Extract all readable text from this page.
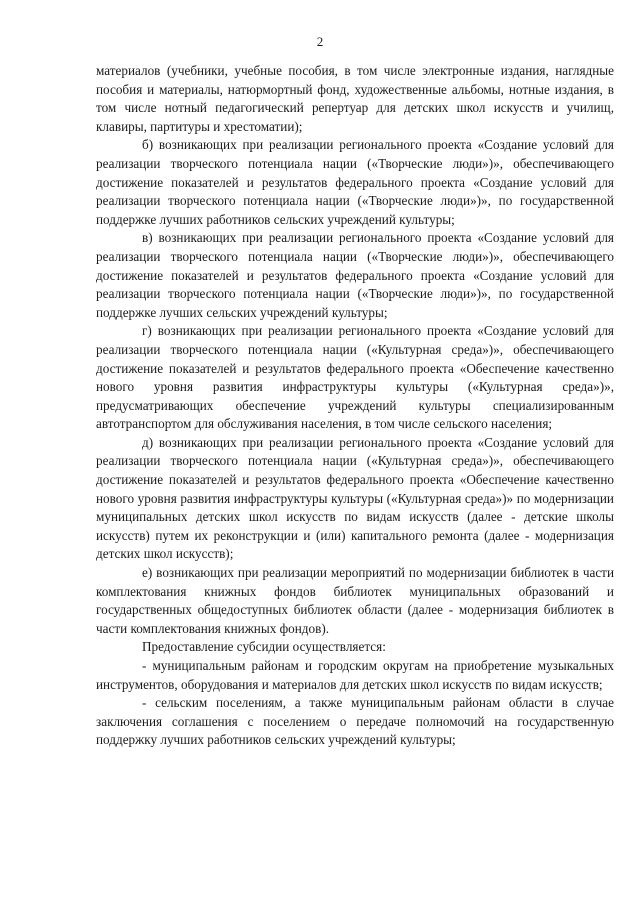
2

материалов (учебники, учебные пособия, в том числе электронные издания, наглядные пособия и материалы, натюрмортный фонд, художественные альбомы, нотные издания, в том числе нотный педагогический репертуар для детских школ искусств и училищ, клавиры, партитуры и хрестоматии);

б) возникающих при реализации регионального проекта «Создание условий для реализации творческого потенциала нации («Творческие люди»)», обеспечивающего достижение показателей и результатов федерального проекта «Создание условий для реализации творческого потенциала нации («Творческие люди»)», по государственной поддержке лучших работников сельских учреждений культуры;

в) возникающих при реализации регионального проекта «Создание условий для реализации творческого потенциала нации («Творческие люди»)», обеспечивающего достижение показателей и результатов федерального проекта «Создание условий для реализации творческого потенциала нации («Творческие люди»)», по государственной поддержке лучших сельских учреждений культуры;

г) возникающих при реализации регионального проекта «Создание условий для реализации творческого потенциала нации («Культурная среда»)», обеспечивающего достижение показателей и результатов федерального проекта «Обеспечение качественно нового уровня развития инфраструктуры культуры («Культурная среда»)», предусматривающих обеспечение учреждений культуры специализированным автотранспортом для обслуживания населения, в том числе сельского населения;

д) возникающих при реализации регионального проекта «Создание условий для реализации творческого потенциала нации («Культурная среда»)», обеспечивающего достижение показателей и результатов федерального проекта «Обеспечение качественно нового уровня развития инфраструктуры культуры («Культурная среда»)» по модернизации муниципальных детских школ искусств по видам искусств (далее - детские школы искусств) путем их реконструкции и (или) капитального ремонта (далее - модернизация детских школ искусств);

е) возникающих при реализации мероприятий по модернизации библиотек в части комплектования книжных фондов библиотек муниципальных образований и государственных общедоступных библиотек области (далее - модернизация библиотек в части комплектования книжных фондов).

Предоставление субсидии осуществляется:

- муниципальным районам и городским округам на приобретение музыкальных инструментов, оборудования и материалов для детских школ искусств по видам искусств;

- сельским поселениям, а также муниципальным районам области в случае заключения соглашения с поселением о передаче полномочий на государственную поддержку лучших работников сельских учреждений культуры;
